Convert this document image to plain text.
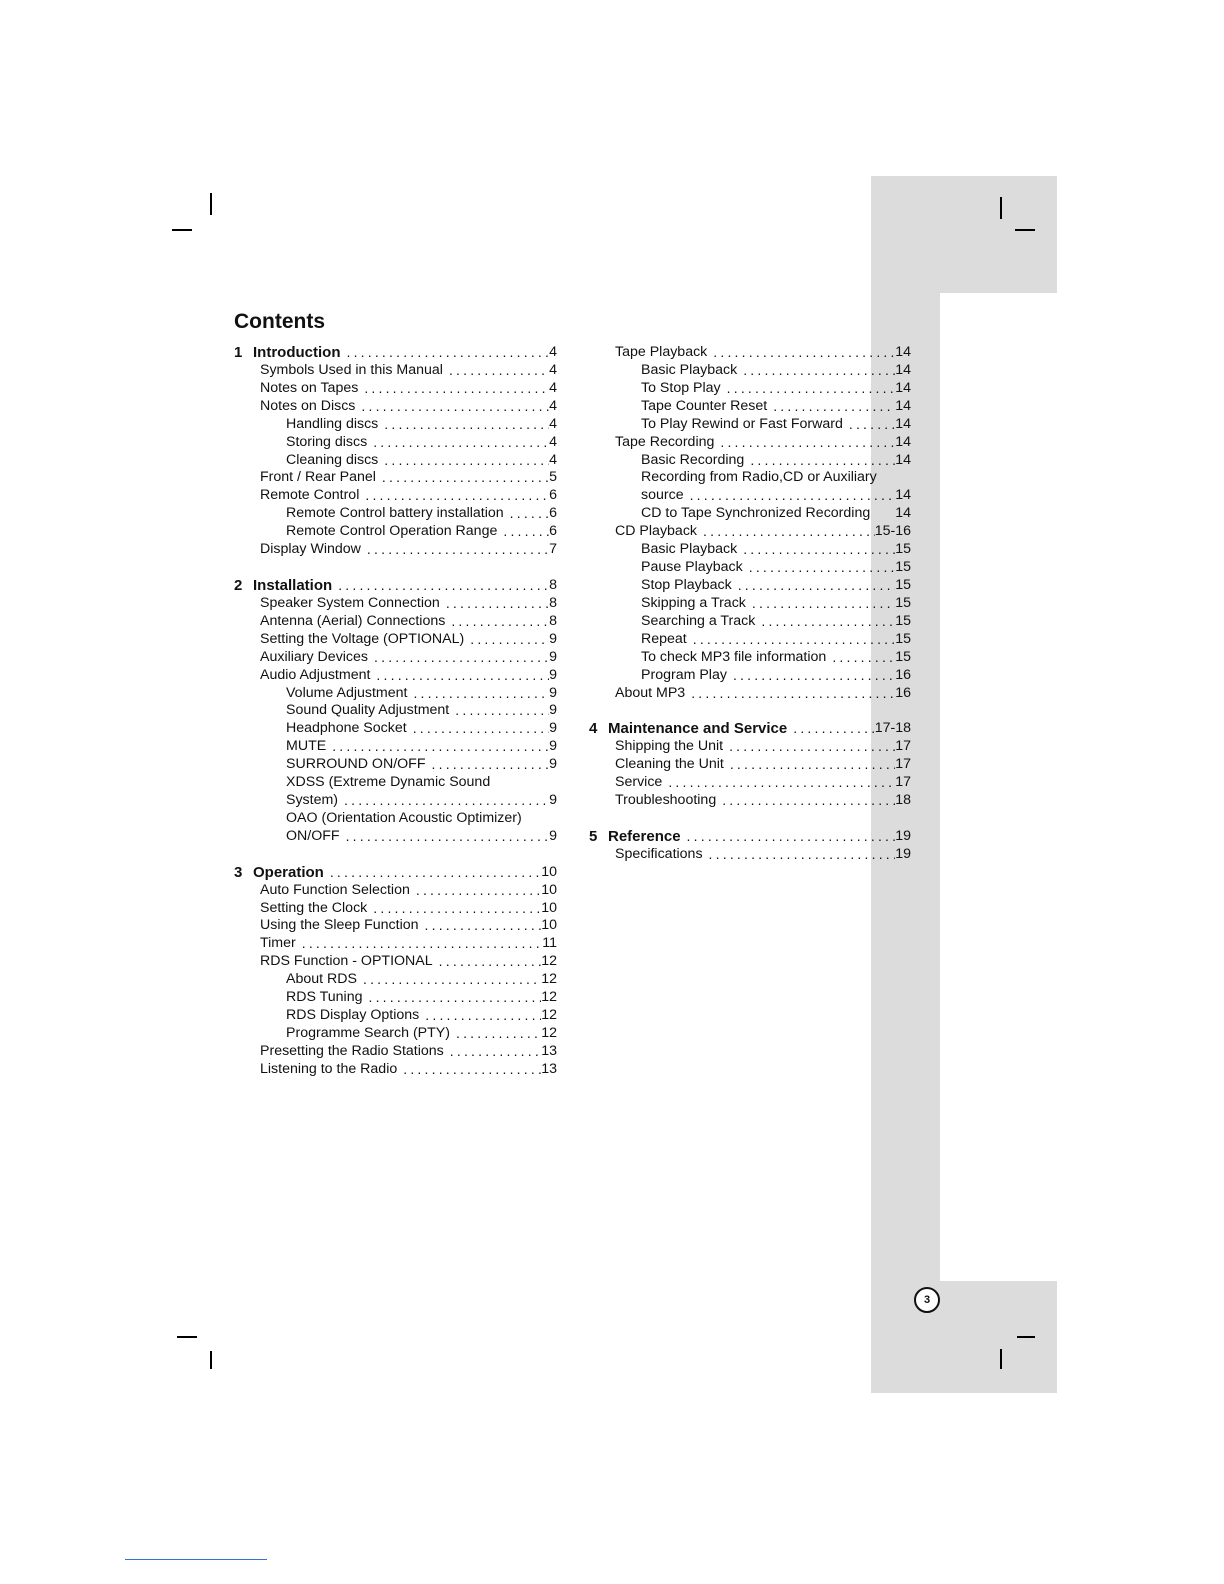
3
Contents
1 Introduction .....	4
Symbols Used in this Manual .....	4
Notes on Tapes .....	4
Notes on Discs .....	4
Handling discs .....	4
Storing discs .....	4
Cleaning discs .....	4
Front / Rear Panel .....	5
Remote Control .....	6
Remote Control battery installation .....	6
Remote Control Operation Range .....	6
Display Window .....	7
2 Installation .....	8
Speaker System Connection .....	8
Antenna (Aerial) Connections .....	8
Setting the Voltage (OPTIONAL) .....	9
Auxiliary Devices .....	9
Audio Adjustment .....	9
Volume Adjustment .....	9
Sound Quality Adjustment .....	9
Headphone Socket .....	9
MUTE .....	9
SURROUND ON/OFF .....	9
XDSS (Extreme Dynamic Sound
System) .....	9
OAO (Orientation Acoustic Optimizer)
ON/OFF .....	9
3 Operation .....	10
Auto Function Selection .....	10
Setting the Clock .....	10
Using the Sleep Function .....	10
Timer .....	11
RDS Function - OPTIONAL .....	12
About RDS .....	12
RDS Tuning .....	12
RDS Display Options .....	12
Programme Search (PTY) .....	12
Presetting the Radio Stations .....	13
Listening to the Radio .....	13
Tape Playback .....	14
Basic Playback .....	14
To Stop Play .....	14
Tape Counter Reset .....	14
To Play Rewind or Fast Forward .....	14
Tape Recording .....	14
Basic Recording .....	14
Recording from Radio,CD or Auxiliary
source .....	14
CD to Tape Synchronized Recording 14
CD Playback .....	15-16
Basic Playback .....	15
Pause Playback .....	15
Stop Playback .....	15
Skipping a Track .....	15
Searching a Track .....	15
Repeat .....	15
To check MP3 file information .....	15
Program Play .....	16
About MP3 .....	16
4 Maintenance and Service .....	17-18
Shipping the Unit .....	17
Cleaning the Unit .....	17
Service .....	17
Troubleshooting .....	18
5 Reference .....	19
Specifications .....	19
